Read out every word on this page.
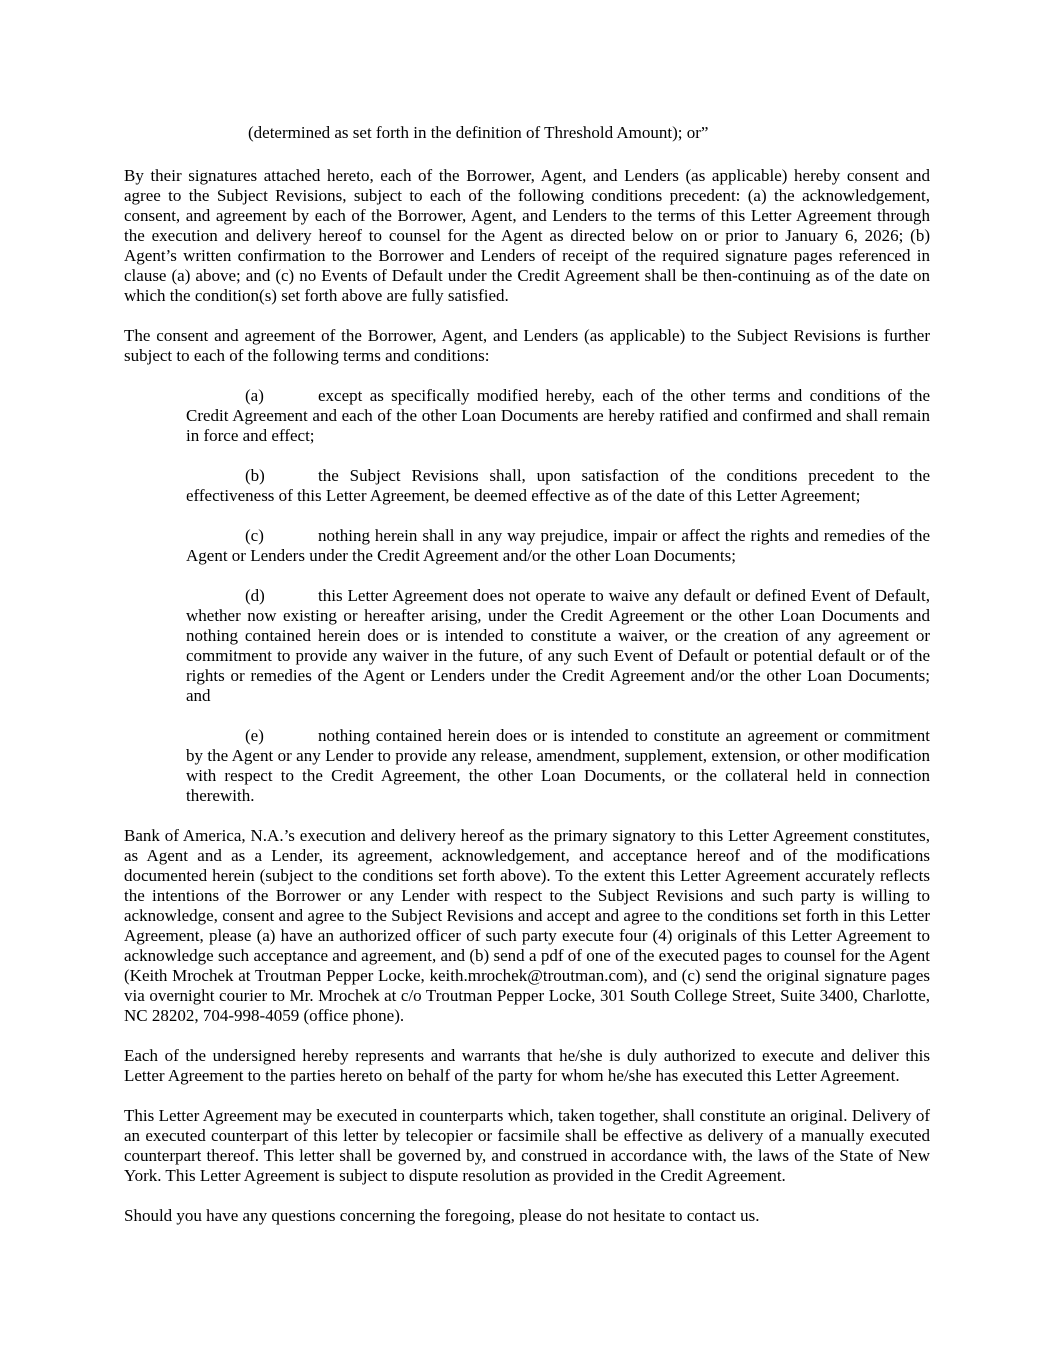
(determined as set forth in the definition of Threshold Amount); or”

By their signatures attached hereto, each of the Borrower, Agent, and Lenders (as applicable) hereby consent and agree to the Subject Revisions, subject to each of the following conditions precedent: (a) the acknowledgement, consent, and agreement by each of the Borrower, Agent, and Lenders to the terms of this Letter Agreement through the execution and delivery hereof to counsel for the Agent as directed below on or prior to January 6, 2026; (b) Agent’s written confirmation to the Borrower and Lenders of receipt of the required signature pages referenced in clause (a) above; and (c) no Events of Default under the Credit Agreement shall be then-continuing as of the date on which the condition(s) set forth above are fully satisfied.

The consent and agreement of the Borrower, Agent, and Lenders (as applicable) to the Subject Revisions is further subject to each of the following terms and conditions:

(a)	except as specifically modified hereby, each of the other terms and conditions of the Credit Agreement and each of the other Loan Documents are hereby ratified and confirmed and shall remain in force and effect;

(b)	the Subject Revisions shall, upon satisfaction of the conditions precedent to the effectiveness of this Letter Agreement, be deemed effective as of the date of this Letter Agreement;

(c)	nothing herein shall in any way prejudice, impair or affect the rights and remedies of the Agent or Lenders under the Credit Agreement and/or the other Loan Documents;

(d)	this Letter Agreement does not operate to waive any default or defined Event of Default, whether now existing or hereafter arising, under the Credit Agreement or the other Loan Documents and nothing contained herein does or is intended to constitute a waiver, or the creation of any agreement or commitment to provide any waiver in the future, of any such Event of Default or potential default or of the rights or remedies of the Agent or Lenders under the Credit Agreement and/or the other Loan Documents; and

(e)	nothing contained herein does or is intended to constitute an agreement or commitment by the Agent or any Lender to provide any release, amendment, supplement, extension, or other modification with respect to the Credit Agreement, the other Loan Documents, or the collateral held in connection therewith.

Bank of America, N.A.’s execution and delivery hereof as the primary signatory to this Letter Agreement constitutes, as Agent and as a Lender, its agreement, acknowledgement, and acceptance hereof and of the modifications documented herein (subject to the conditions set forth above). To the extent this Letter Agreement accurately reflects the intentions of the Borrower or any Lender with respect to the Subject Revisions and such party is willing to acknowledge, consent and agree to the Subject Revisions and accept and agree to the conditions set forth in this Letter Agreement, please (a) have an authorized officer of such party execute four (4) originals of this Letter Agreement to acknowledge such acceptance and agreement, and (b) send a pdf of one of the executed pages to counsel for the Agent (Keith Mrochek at Troutman Pepper Locke, keith.mrochek@troutman.com), and (c) send the original signature pages via overnight courier to Mr. Mrochek at c/o Troutman Pepper Locke, 301 South College Street, Suite 3400, Charlotte, NC 28202, 704-998-4059 (office phone).

Each of the undersigned hereby represents and warrants that he/she is duly authorized to execute and deliver this Letter Agreement to the parties hereto on behalf of the party for whom he/she has executed this Letter Agreement.

This Letter Agreement may be executed in counterparts which, taken together, shall constitute an original. Delivery of an executed counterpart of this letter by telecopier or facsimile shall be effective as delivery of a manually executed counterpart thereof. This letter shall be governed by, and construed in accordance with, the laws of the State of New York. This Letter Agreement is subject to dispute resolution as provided in the Credit Agreement.

Should you have any questions concerning the foregoing, please do not hesitate to contact us.
